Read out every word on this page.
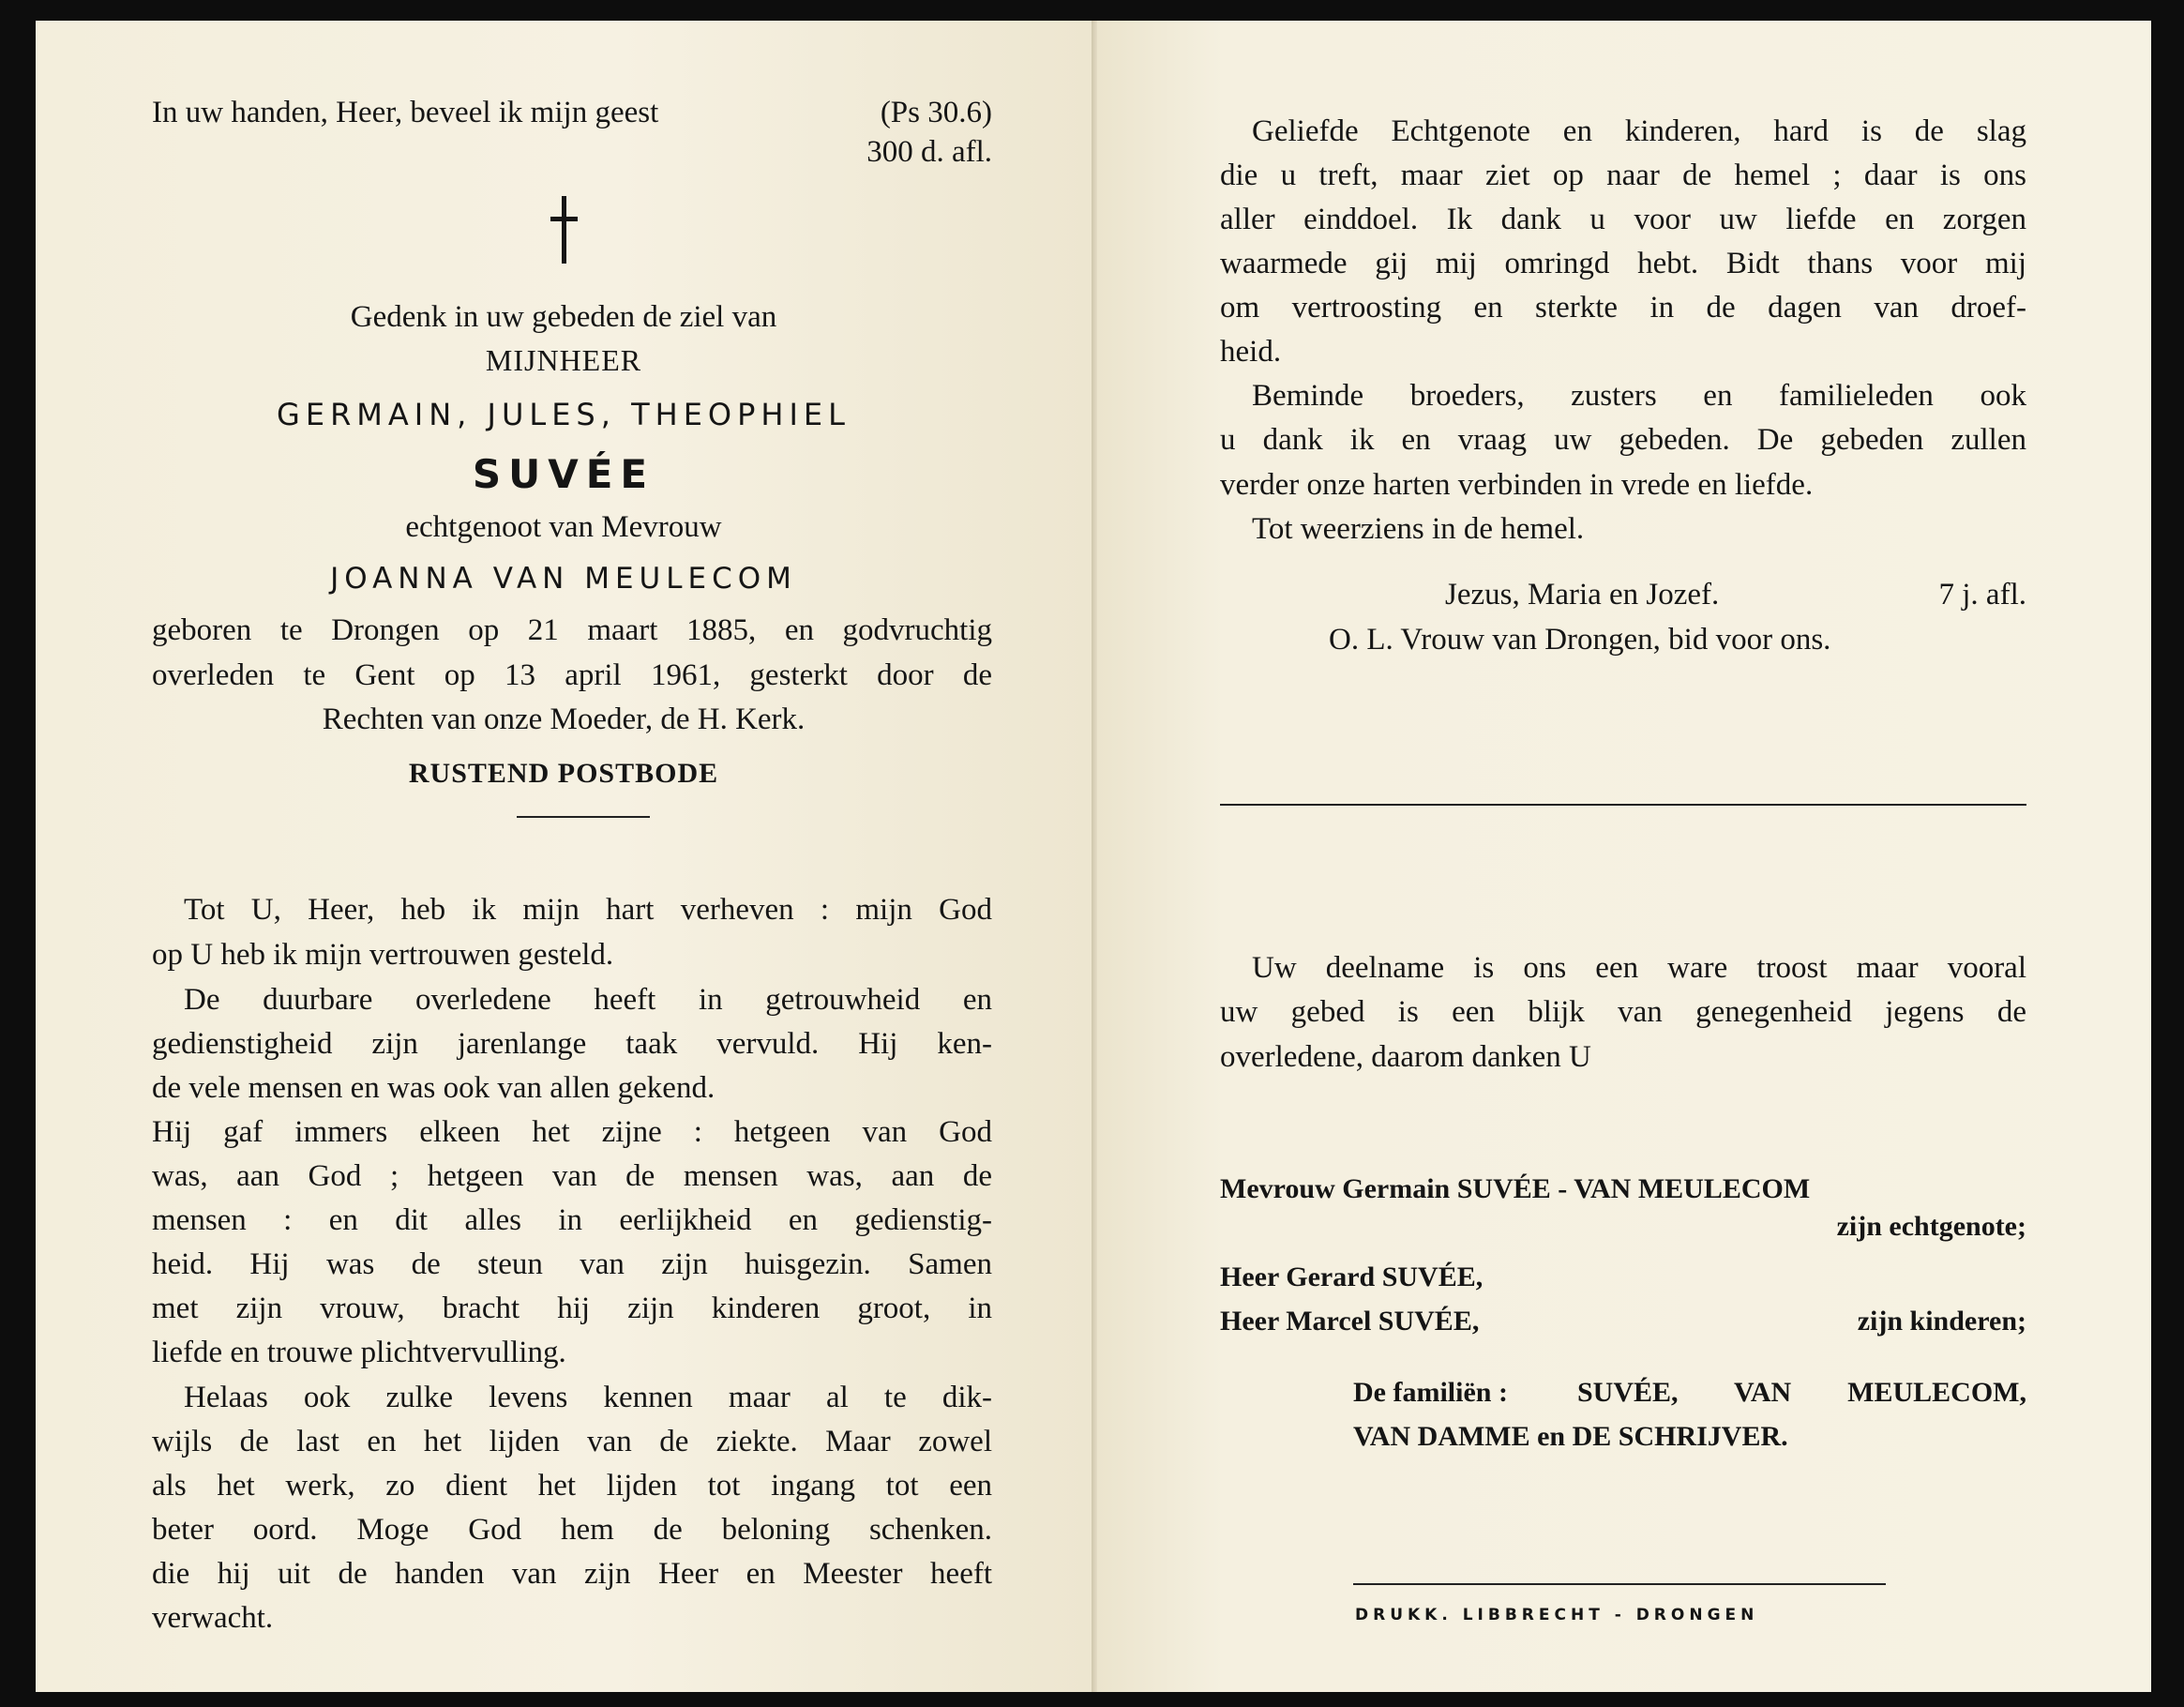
In uw handen, Heer, beveel ik mijn geest	(Ps 30.6)
300 d. afl.
Gedenk in uw gebeden de ziel van
MIJNHEER
GERMAIN, JULES, THEOPHIEL
SUVÉE
echtgenoot van Mevrouw
JOANNA VAN MEULECOM
geboren te Drongen op 21 maart 1885, en godvruchtig
overleden te Gent op 13 april 1961, gesterkt door de
Rechten van onze Moeder, de H. Kerk.
RUSTEND POSTBODE
Tot U, Heer, heb ik mijn hart verheven : mijn God
op U heb ik mijn vertrouwen gesteld.
De duurbare overledene heeft in getrouwheid en
gedienstigheid zijn jarenlange taak vervuld. Hij ken-
de vele mensen en was ook van allen gekend.
Hij gaf immers elkeen het zijne : hetgeen van God
was, aan God ; hetgeen van de mensen was, aan de
mensen : en dit alles in eerlijkheid en gedienstig-
heid. Hij was de steun van zijn huisgezin. Samen
met zijn vrouw, bracht hij zijn kinderen groot, in
liefde en trouwe plichtvervulling.
Helaas ook zulke levens kennen maar al te dik-
wijls de last en het lijden van de ziekte. Maar zowel
als het werk, zo dient het lijden tot ingang tot een
beter oord. Moge God hem de beloning schenken.
die hij uit de handen van zijn Heer en Meester heeft
verwacht.
Geliefde Echtgenote en kinderen, hard is de slag
die u treft, maar ziet op naar de hemel ; daar is ons
aller einddoel. Ik dank u voor uw liefde en zorgen
waarmede gij mij omringd hebt. Bidt thans voor mij
om vertroosting en sterkte in de dagen van droef-
heid.
Beminde broeders, zusters en familieleden ook
u dank ik en vraag uw gebeden. De gebeden zullen
verder onze harten verbinden in vrede en liefde.
Tot weerziens in de hemel.
Jezus, Maria en Jozef.	7 j. afl.
O. L. Vrouw van Drongen, bid voor ons.
Uw deelname is ons een ware troost maar vooral
uw gebed is een blijk van genegenheid jegens de
overledene, daarom danken U
Mevrouw Germain SUVÉE - VAN MEULECOM
zijn echtgenote;
Heer Gerard SUVÉE,
Heer Marcel SUVÉE,	zijn kinderen;
De familiën :	SUVÉE, VAN MEULECOM,
VAN DAMME en DE SCHRIJVER.
DRUKK. LIBBRECHT - DRONGEN
